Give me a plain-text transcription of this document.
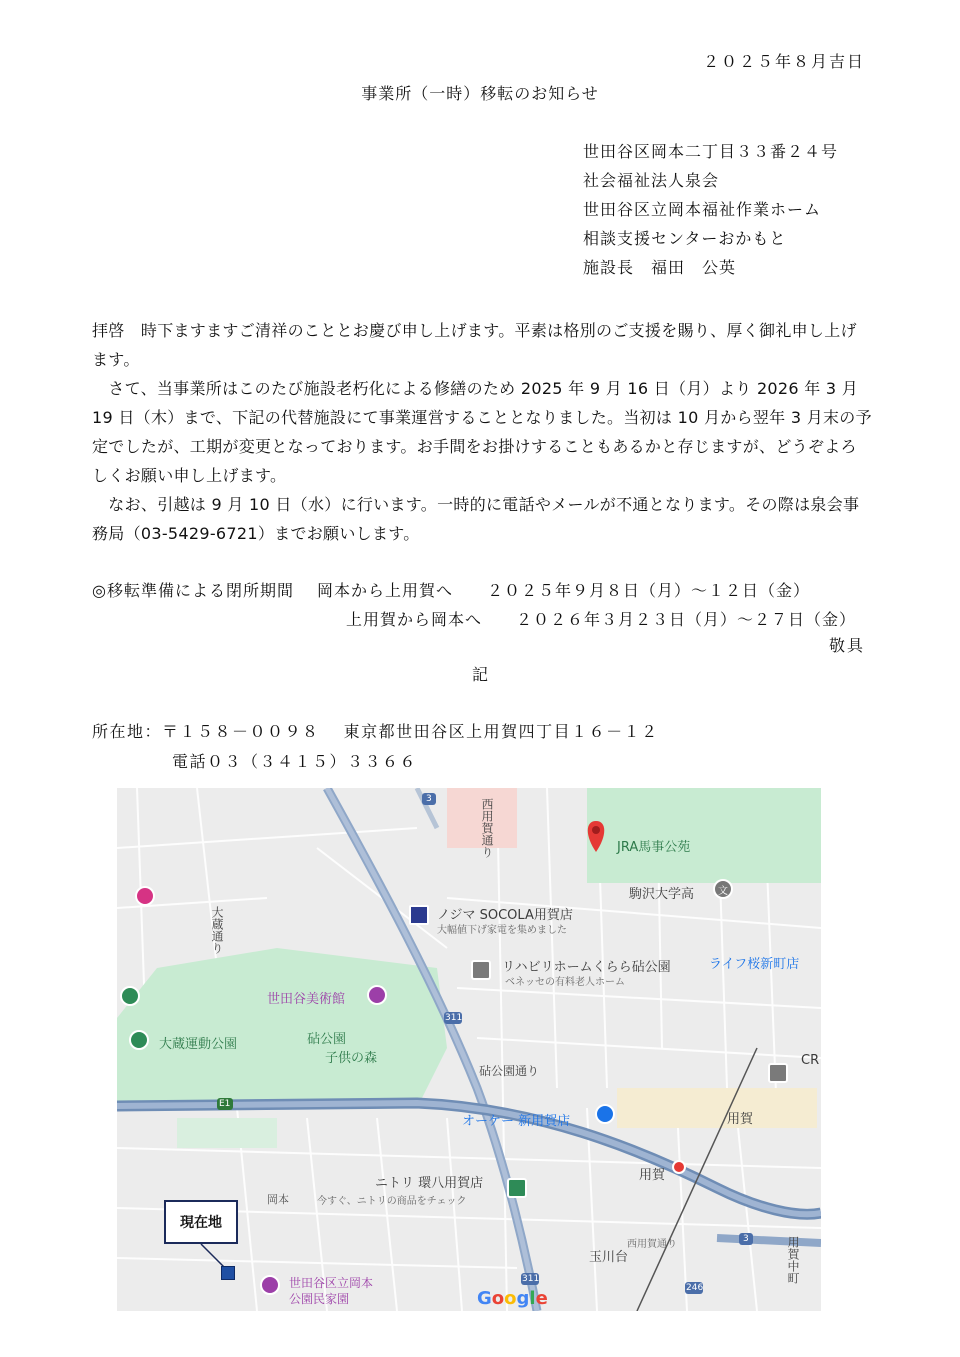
２０２５年８月吉日
事業所（一時）移転のお知らせ
世田谷区岡本二丁目３３番２４号
社会福祉法人泉会
世田谷区立岡本福祉作業ホーム
相談支援センターおかもと
施設長　福田　公英

拝啓　時下ますますご清祥のこととお慶び申し上げます。平素は格別のご支援を賜り、厚く御礼申し上げます。

　さて、当事業所はこのたび施設老朽化による修繕のため 2025 年 9 月 16 日（月）より 2026 年 3 月 19 日（木）まで、下記の代替施設にて事業運営することとなりました。当初は 10 月から翌年 3 月末の予定でしたが、工期が変更となっております。お手間をお掛けすることもあるかと存じますが、どうぞよろしくお願い申し上げます。

　なお、引越は 9 月 10 日（水）に行います。一時的に電話やメールが不通となります。その際は泉会事務局（03-5429-6721）までお願いします。

◎移転準備による閉所期間　 岡本から上用賀へ　　２０２５年９月８日（月）～１２日（金）
上用賀から岡本へ　　２０２６年３月２３日（月）～２７日（金）
敬具
記
所在地：〒１５８－００９８　 東京都世田谷区上用賀四丁目１６－１２
電話０３（３４１５）３３６６
311
311
E1
3
3
246
JRA馬事公苑
駒沢大学高	文
ノジマ SOCOLA用賀店
大幅値下げ家電を集めました
リハビリホームくらら砧公園
ベネッセの有料老人ホーム
ライフ桜新町店
大蔵運動公園
世田谷美術館
砧公園
子供の森
砧公園通り
西用賀通り
大蔵通り
用賀中町
オーケー 新用賀店	用賀
用賀
CR
ニトリ 環八用賀店
今すぐ、ニトリの商品をチェック
岡本
玉川台
西用賀通り
世田谷区立岡本
公園民家園
現在地
Google
